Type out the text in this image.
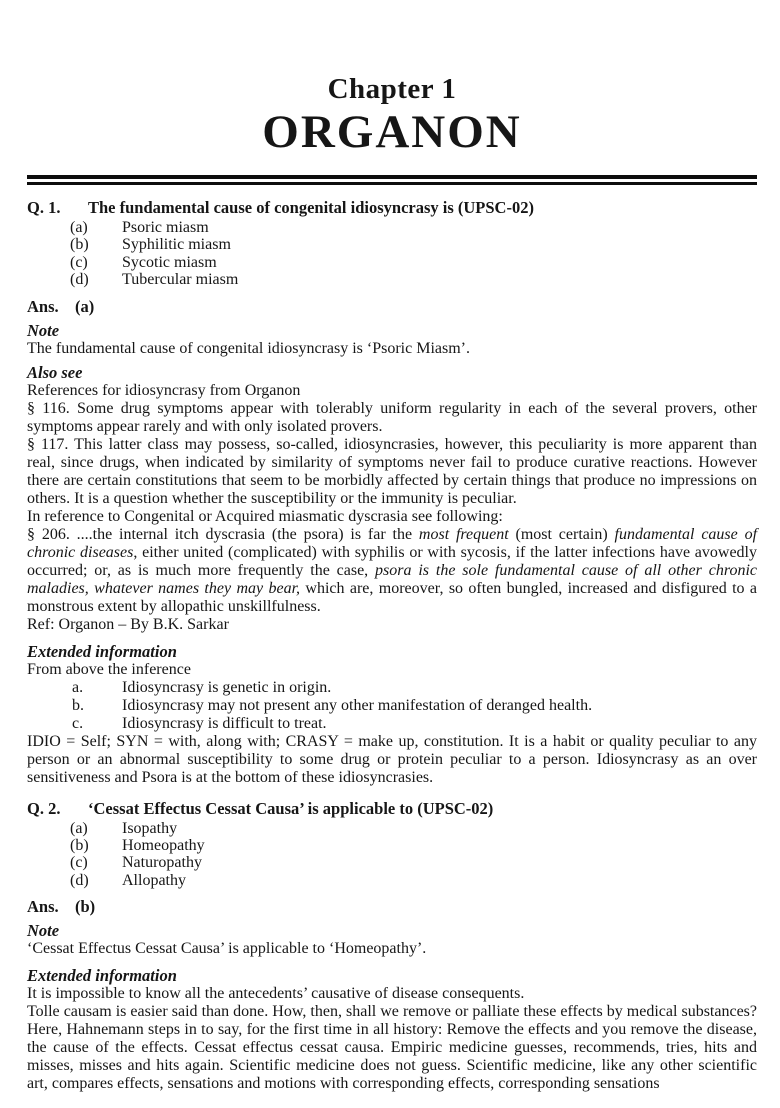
Chapter 1
ORGANON
Q. 1.	The fundamental cause of congenital idiosyncrasy is (UPSC-02)
(a)	Psoric miasm
(b)	Syphilitic miasm
(c)	Sycotic miasm
(d)	Tubercular miasm
Ans. (a)
Note

The fundamental cause of congenital idiosyncrasy is ‘Psoric Miasm’.

Also see

References for idiosyncrasy from Organon

§ 116. Some drug symptoms appear with tolerably uniform regularity in each of the several provers, other symptoms appear rarely and with only isolated provers.

§ 117. This latter class may possess, so-called, idiosyncrasies, however, this peculiarity is more apparent than real, since drugs, when indicated by similarity of symptoms never fail to produce curative reactions. However there are certain constitutions that seem to be morbidly affected by certain things that produce no impressions on others. It is a question whether the susceptibility or the immunity is peculiar.

In reference to Congenital or Acquired miasmatic dyscrasia see following:

§ 206. ....the internal itch dyscrasia (the psora) is far the most frequent (most certain) fundamental cause of chronic diseases, either united (complicated) with syphilis or with sycosis, if the latter infections have avowedly occurred; or, as is much more frequently the case, psora is the sole fundamental cause of all other chronic maladies, whatever names they may bear, which are, moreover, so often bungled, increased and disfigured to a monstrous extent by allopathic unskillfulness.

Ref: Organon – By B.K. Sarkar

Extended information

From above the inference

a.	Idiosyncrasy is genetic in origin.
b.	Idiosyncrasy may not present any other manifestation of deranged health.
c.	Idiosyncrasy is difficult to treat.

IDIO = Self; SYN = with, along with; CRASY = make up, constitution. It is a habit or quality peculiar to any person or an abnormal susceptibility to some drug or protein peculiar to a person. Idiosyncrasy as an over sensitiveness and Psora is at the bottom of these idiosyncrasies.

Q. 2.	‘Cessat Effectus Cessat Causa’ is applicable to (UPSC-02)
(a)	Isopathy
(b)	Homeopathy
(c)	Naturopathy
(d)	Allopathy
Ans. (b)
Note

‘Cessat Effectus Cessat Causa’ is applicable to ‘Homeopathy’.

Extended information

It is impossible to know all the antecedents’ causative of disease consequents.

Tolle causam is easier said than done. How, then, shall we remove or palliate these effects by medical substances? Here, Hahnemann steps in to say, for the first time in all history: Remove the effects and you remove the disease, the cause of the effects. Cessat effectus cessat causa. Empiric medicine guesses, recommends, tries, hits and misses, misses and hits again. Scientific medicine does not guess. Scientific medicine, like any other scientific art, compares effects, sensations and motions with corresponding effects, corresponding sensations
